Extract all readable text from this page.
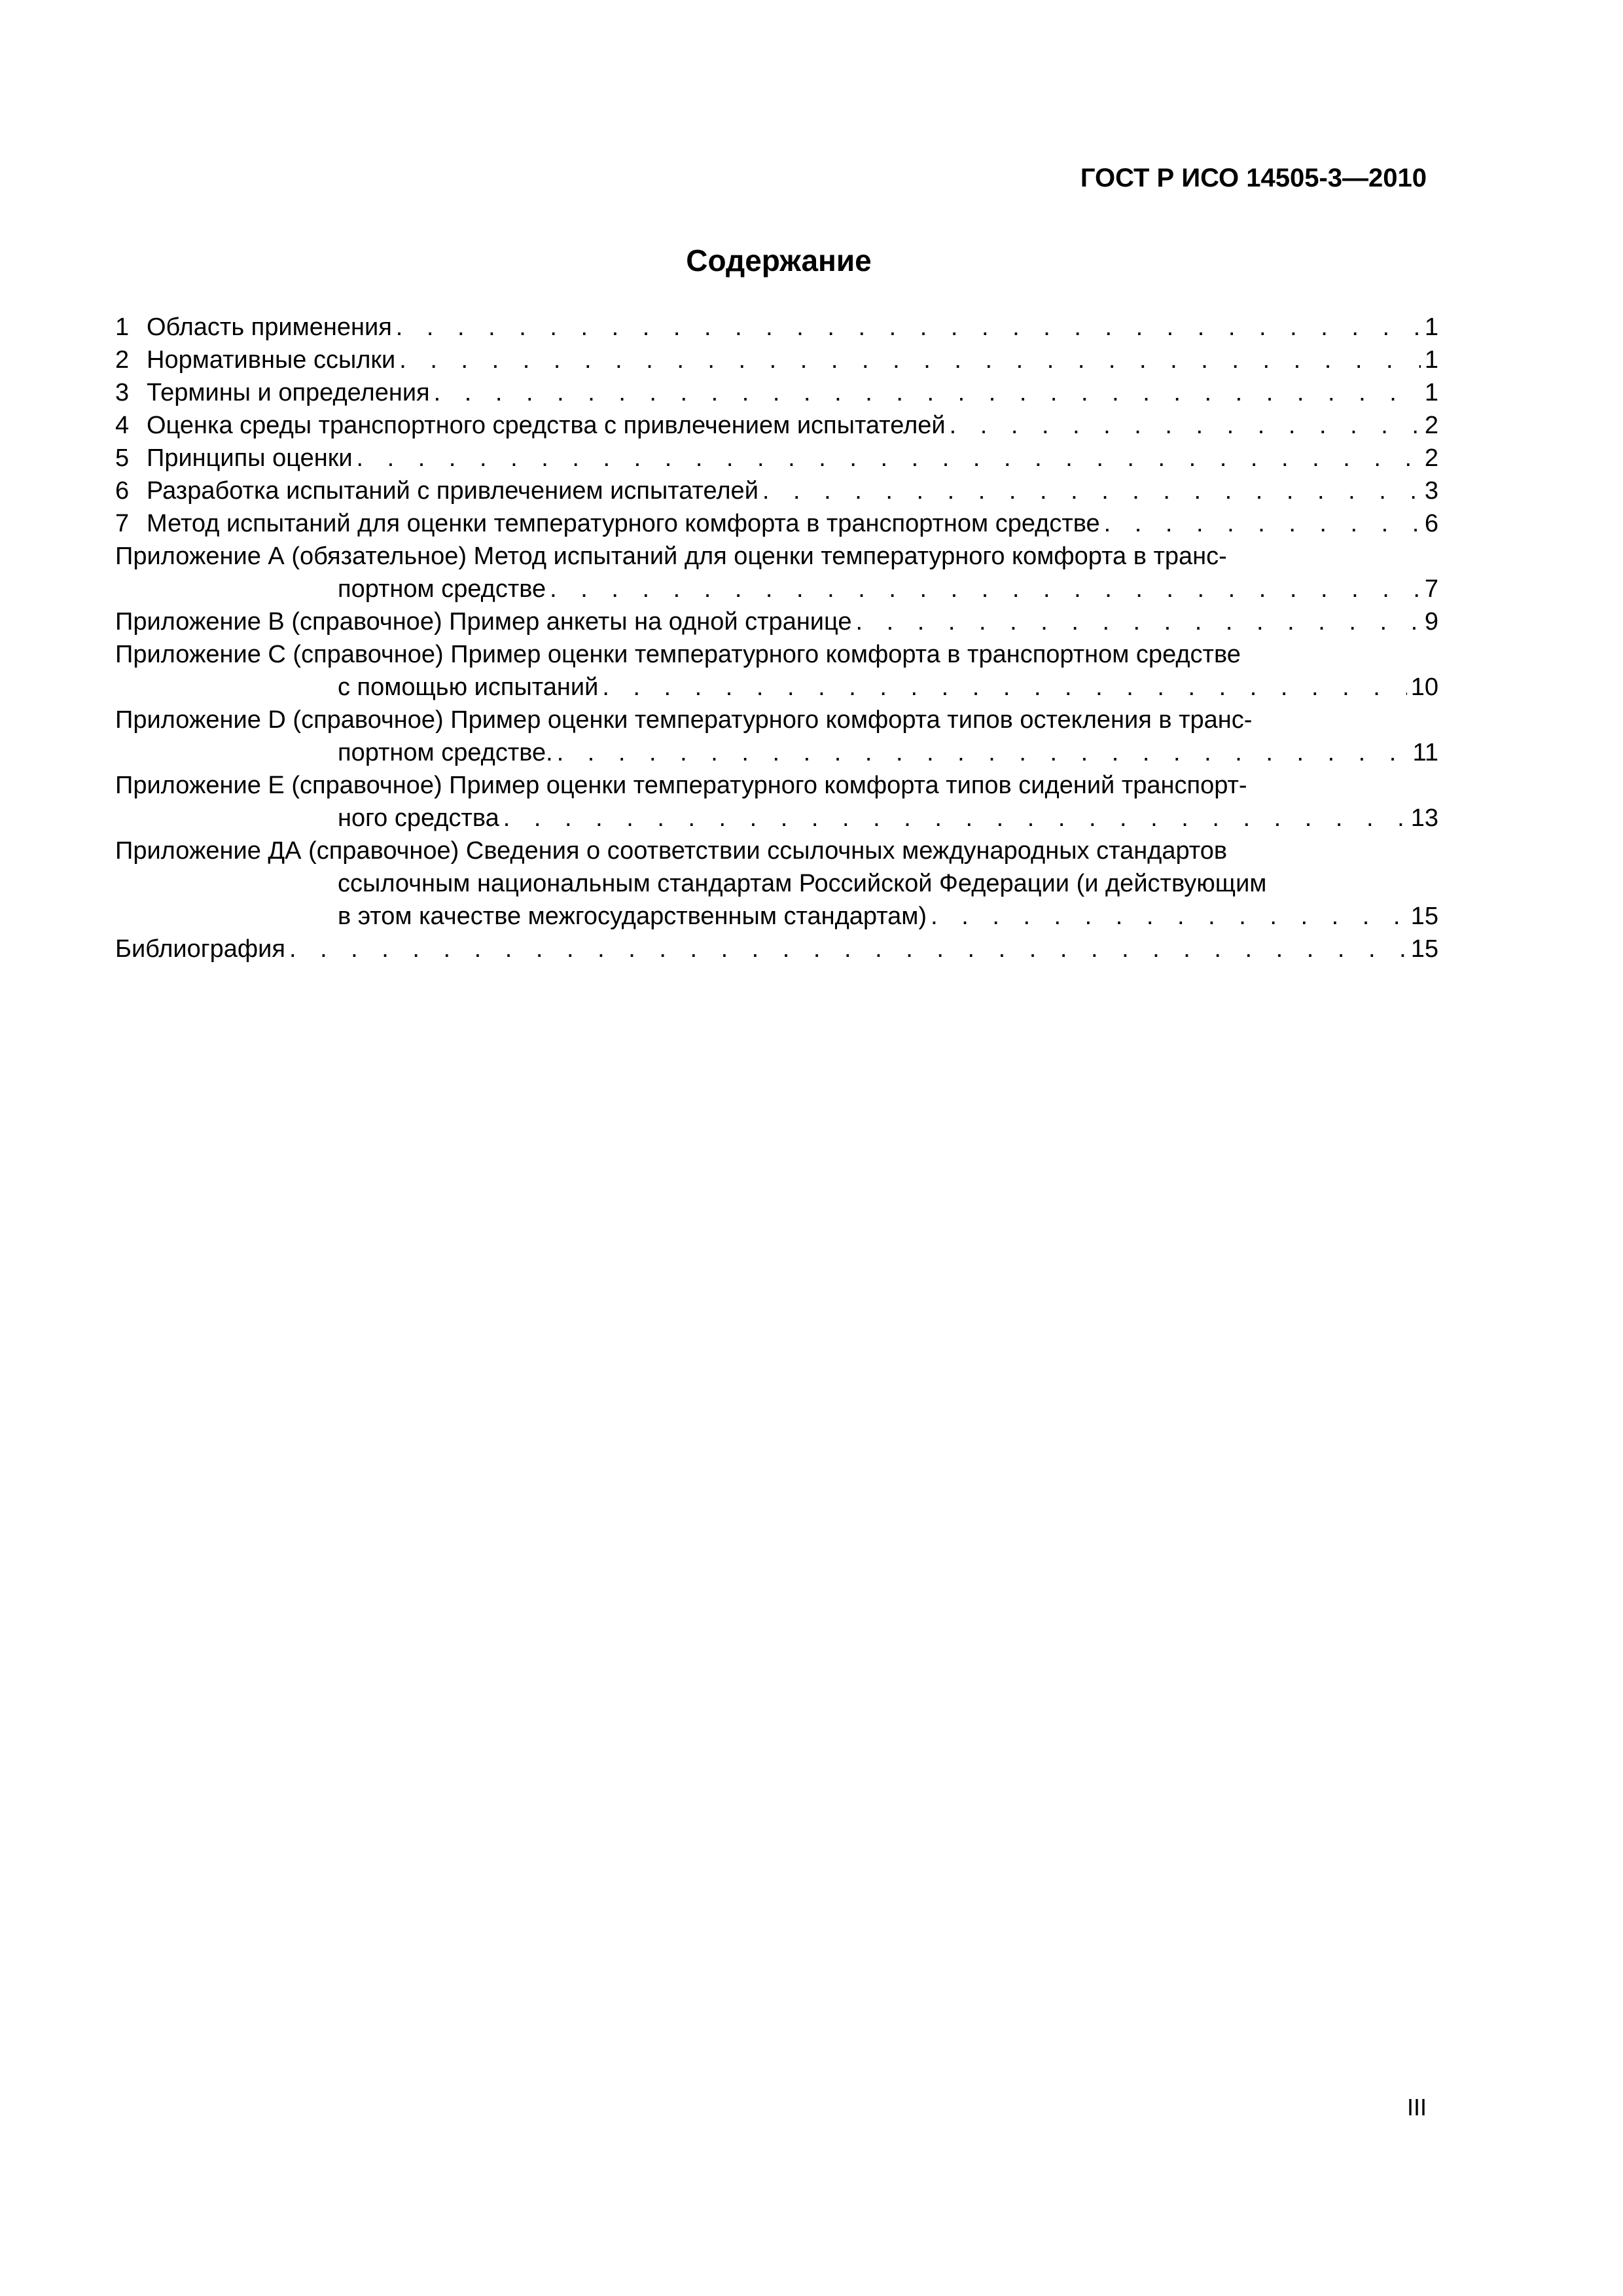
ГОСТ Р ИСО 14505-3—2010
Содержание
1 Область применения . . .	1
2 Нормативные ссылки . . .	1
3 Термины и определения . . .	1
4 Оценка среды транспортного средства с привлечением испытателей . . .	2
5 Принципы оценки . . .	2
6 Разработка испытаний с привлечением испытателей . . .	3
7 Метод испытаний для оценки температурного комфорта в транспортном средстве . . .	6
Приложение А (обязательное) Метод испытаний для оценки температурного комфорта в транс-
портном средстве . . .	7
Приложение В (справочное) Пример анкеты на одной странице . . .	9
Приложение С (справочное) Пример оценки температурного комфорта в транспортном средстве
с помощью испытаний . . .	10
Приложение D (справочное) Пример оценки температурного комфорта типов остекления в транс-
портном средстве. . . .	11
Приложение Е (справочное) Пример оценки температурного комфорта типов сидений транспорт-
ного средства . . .	13
Приложение ДА (справочное) Сведения о соответствии ссылочных международных стандартов
ссылочным национальным стандартам Российской Федерации (и действующим
в этом качестве межгосударственным стандартам) . . .	15
Библиография . . .	15
III
